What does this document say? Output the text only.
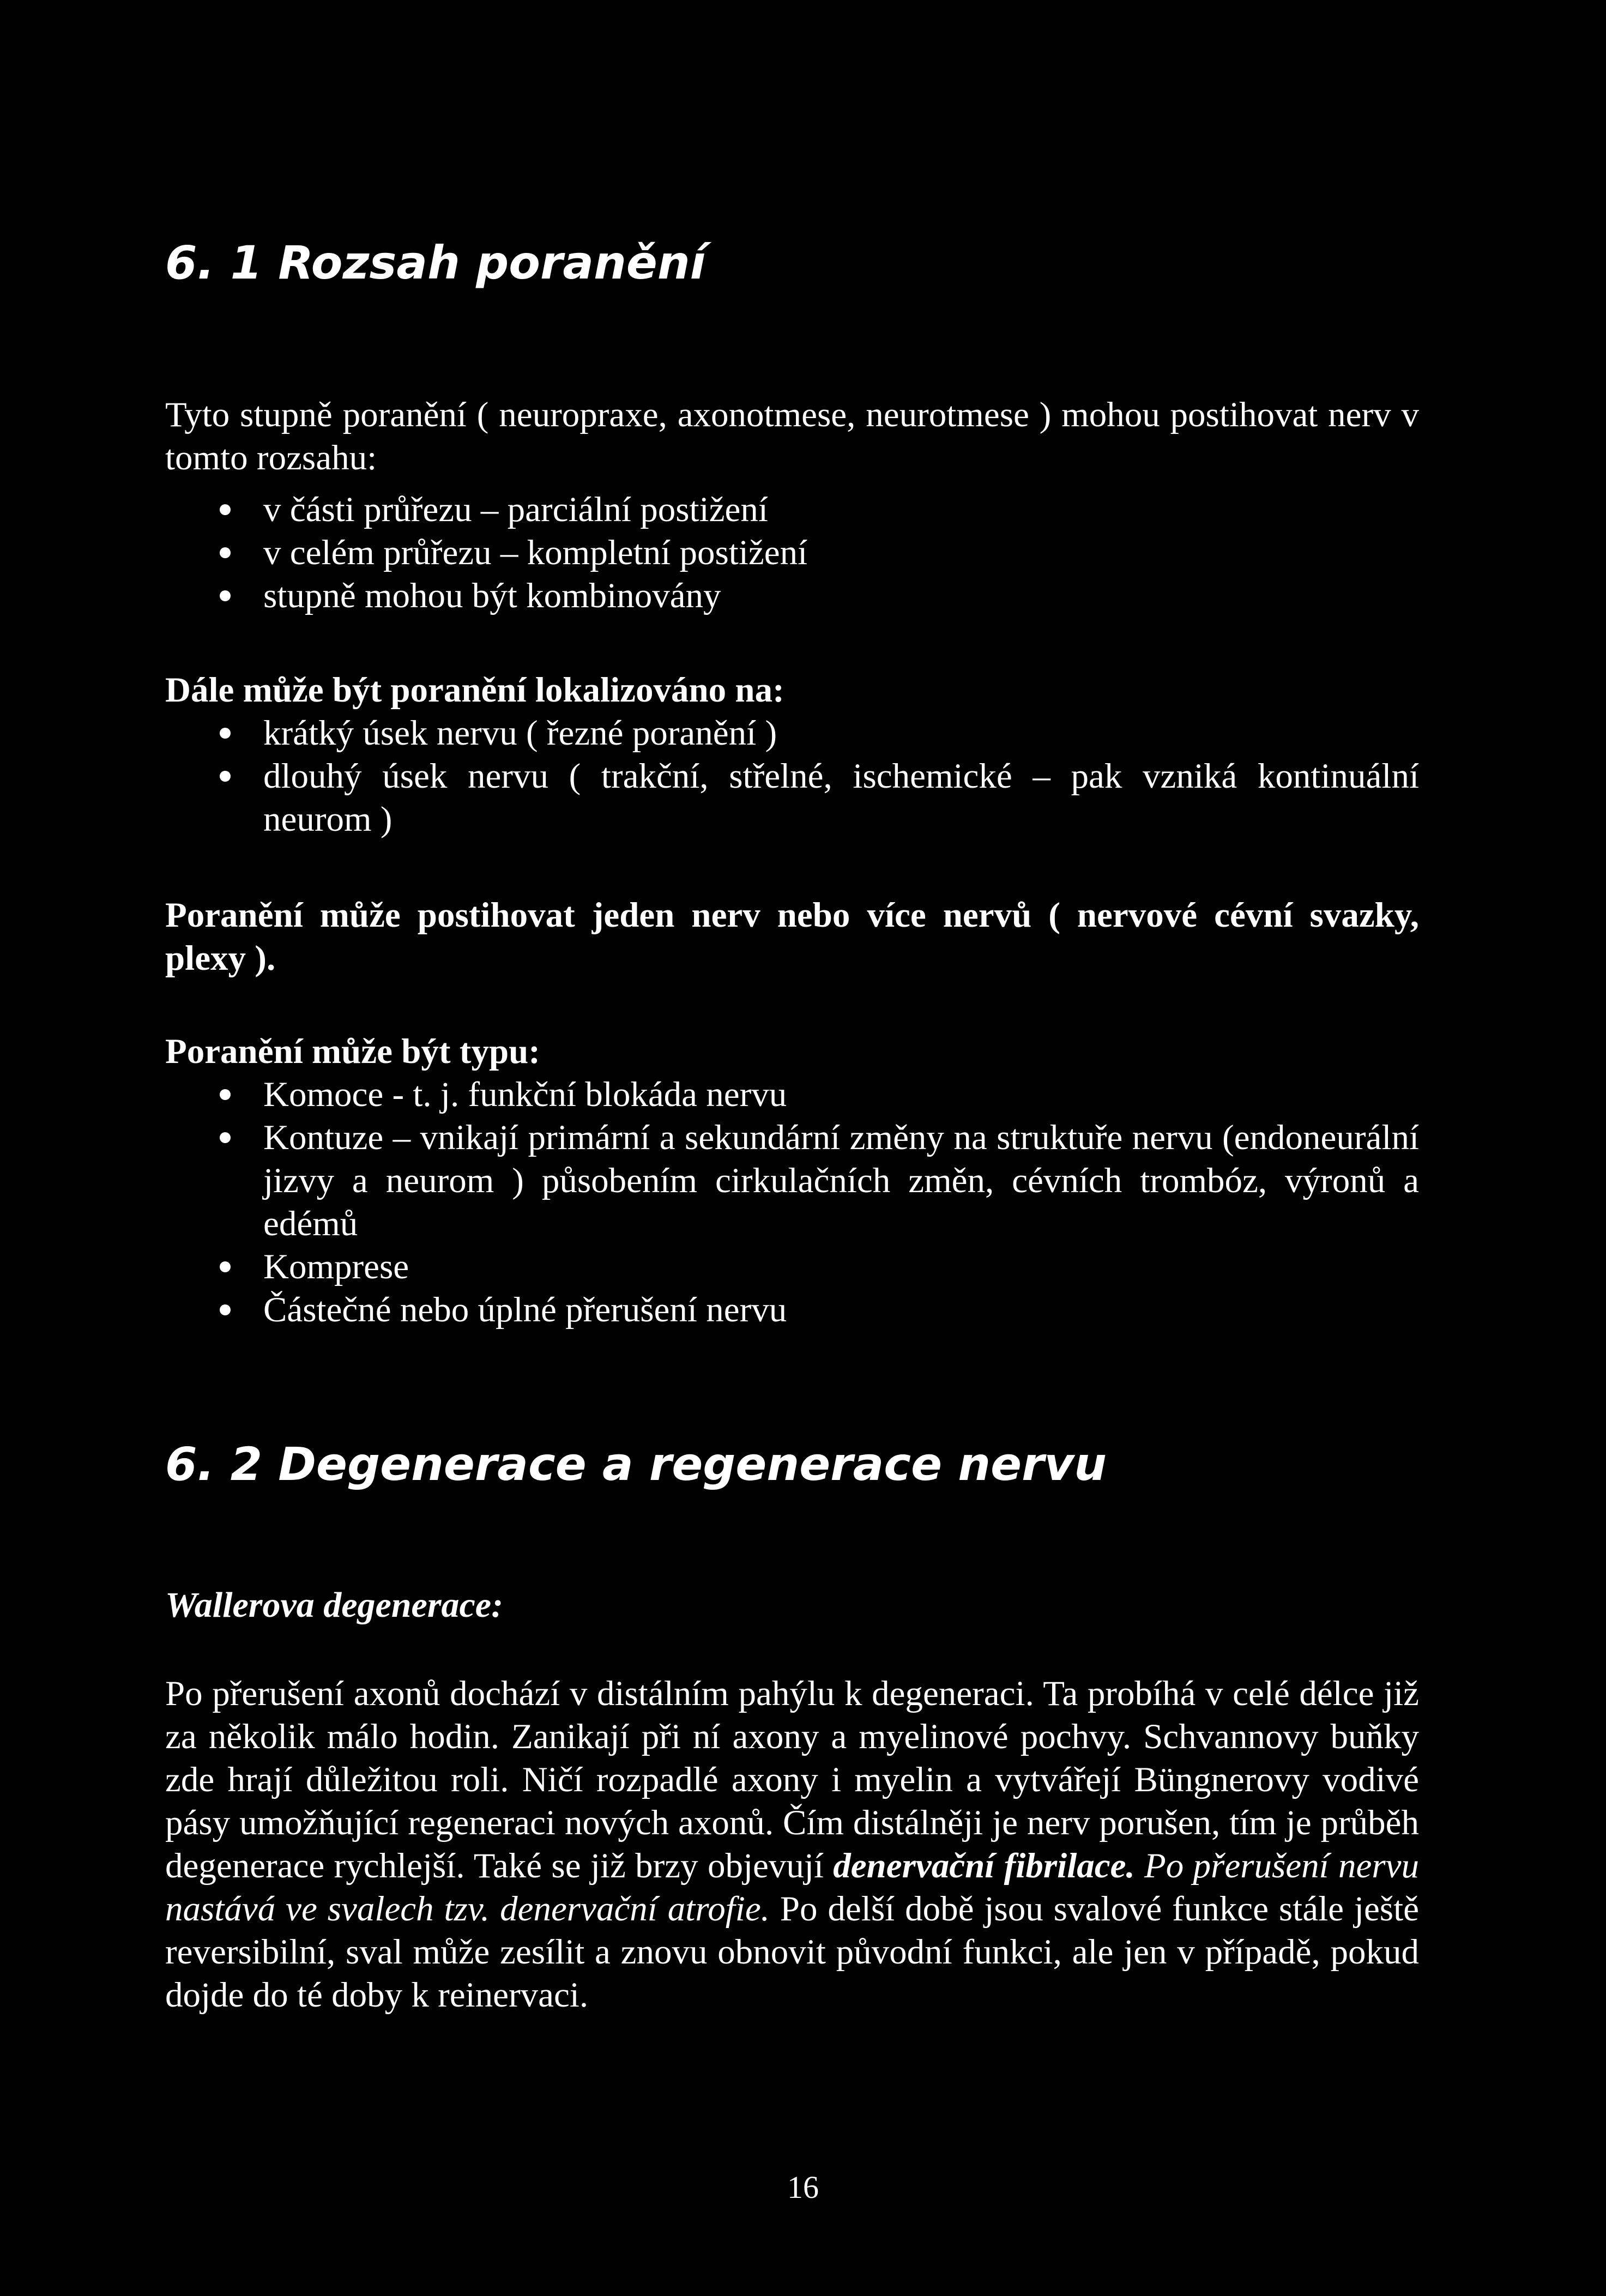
6. 1 Rozsah poranění

Tyto stupně poranění ( neuropraxe, axonotmese, neurotmese ) mohou postihovat nerv v tomto rozsahu:

v části průřezu – parciální postižení
v celém průřezu – kompletní postižení
stupně mohou být kombinovány

Dále může být poranění lokalizováno na:

krátký úsek nervu ( řezné poranění )
dlouhý úsek nervu ( trakční, střelné, ischemické – pak vzniká kontinuální neurom )

Poranění může postihovat jeden nerv nebo více nervů ( nervové cévní svazky, plexy ).

Poranění může být typu:

Komoce - t. j. funkční blokáda nervu
Kontuze – vnikají primární a sekundární změny na struktuře nervu (endoneurální jizvy a neurom ) působením cirkulačních změn, cévních trombóz, výronů a edémů
Komprese
Částečné nebo úplné přerušení nervu
6. 2 Degenerace a regenerace nervu

Wallerova degenerace:

Po přerušení axonů dochází v distálním pahýlu k degeneraci. Ta probíhá v celé délce již za několik málo hodin. Zanikají při ní axony a myelinové pochvy. Schvannovy buňky zde hrají důležitou roli. Ničí rozpadlé axony i myelin a vytvářejí Büngnerovy vodivé pásy umožňující regeneraci nových axonů. Čím distálněji je nerv porušen, tím je průběh degenerace rychlejší. Také se již brzy objevují denervační fibrilace. Po přerušení nervu nastává ve svalech tzv. denervační atrofie. Po delší době jsou svalové funkce stále ještě reversibilní, sval může zesílit a znovu obnovit původní funkci, ale jen v případě, pokud dojde do té doby k reinervaci.

16
